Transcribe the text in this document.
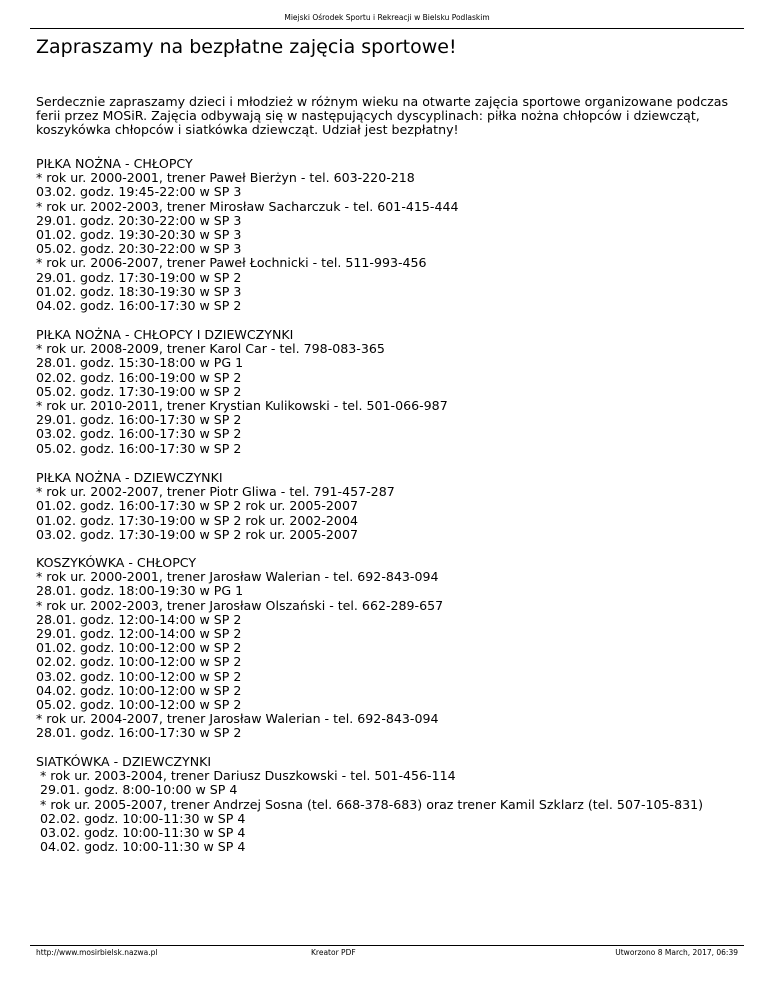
Miejski Ośrodek Sportu i Rekreacji w Bielsku Podlaskim
Zapraszamy na bezpłatne zajęcia sportowe!

Serdecznie zapraszamy dzieci i młodzież w różnym wieku na otwarte zajęcia sportowe organizowane podczas ferii przez MOSiR. Zajęcia odbywają się w następujących dyscyplinach: piłka nożna chłopców i dziewcząt, koszykówka chłopców i siatkówka dziewcząt. Udział jest bezpłatny!

PIŁKA NOŻNA - CHŁOPCY
* rok ur. 2000-2001, trener Paweł Bierżyn - tel. 603-220-218
03.02. godz. 19:45-22:00 w SP 3
* rok ur. 2002-2003, trener Mirosław Sacharczuk - tel. 601-415-444
29.01. godz. 20:30-22:00 w SP 3
01.02. godz. 19:30-20:30 w SP 3
05.02. godz. 20:30-22:00 w SP 3
* rok ur. 2006-2007, trener Paweł Łochnicki - tel. 511-993-456
29.01. godz. 17:30-19:00 w SP 2
01.02. godz. 18:30-19:30 w SP 3
04.02. godz. 16:00-17:30 w SP 2
PIŁKA NOŻNA - CHŁOPCY I DZIEWCZYNKI
* rok ur. 2008-2009, trener Karol Car - tel. 798-083-365
28.01. godz. 15:30-18:00 w PG 1
02.02. godz. 16:00-19:00 w SP 2
05.02. godz. 17:30-19:00 w SP 2
* rok ur. 2010-2011, trener Krystian Kulikowski - tel. 501-066-987
29.01. godz. 16:00-17:30 w SP 2
03.02. godz. 16:00-17:30 w SP 2
05.02. godz. 16:00-17:30 w SP 2
PIŁKA NOŻNA - DZIEWCZYNKI
* rok ur. 2002-2007, trener Piotr Gliwa - tel. 791-457-287
01.02. godz. 16:00-17:30 w SP 2 rok ur. 2005-2007
01.02. godz. 17:30-19:00 w SP 2 rok ur. 2002-2004
03.02. godz. 17:30-19:00 w SP 2 rok ur. 2005-2007
KOSZYKÓWKA - CHŁOPCY
* rok ur. 2000-2001, trener Jarosław Walerian - tel. 692-843-094
28.01. godz. 18:00-19:30 w PG 1
* rok ur. 2002-2003, trener Jarosław Olszański - tel. 662-289-657
28.01. godz. 12:00-14:00 w SP 2
29.01. godz. 12:00-14:00 w SP 2
01.02. godz. 10:00-12:00 w SP 2
02.02. godz. 10:00-12:00 w SP 2
03.02. godz. 10:00-12:00 w SP 2
04.02. godz. 10:00-12:00 w SP 2
05.02. godz. 10:00-12:00 w SP 2
* rok ur. 2004-2007, trener Jarosław Walerian - tel. 692-843-094
28.01. godz. 16:00-17:30 w SP 2
SIATKÓWKA - DZIEWCZYNKI
* rok ur. 2003-2004, trener Dariusz Duszkowski - tel. 501-456-114
29.01. godz. 8:00-10:00 w SP 4
* rok ur. 2005-2007, trener Andrzej Sosna (tel. 668-378-683) oraz trener Kamil Szklarz (tel. 507-105-831)
02.02. godz. 10:00-11:30 w SP 4
03.02. godz. 10:00-11:30 w SP 4
04.02. godz. 10:00-11:30 w SP 4
http://www.mosirbielsk.nazwa.pl	Kreator PDF	Utworzono 8 March, 2017, 06:39
